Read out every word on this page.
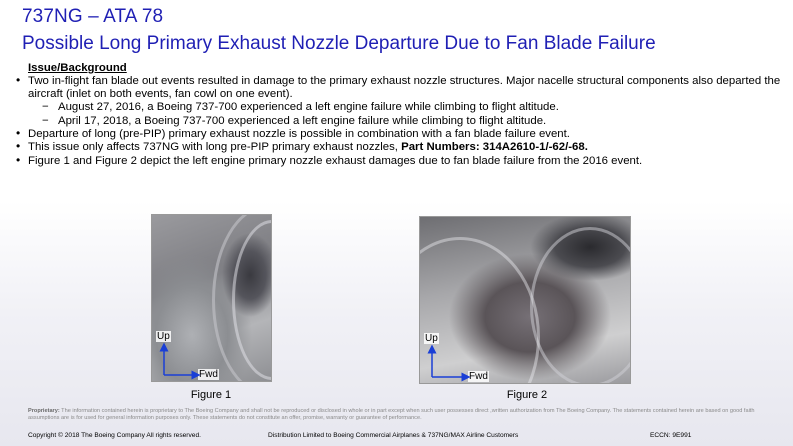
737NG – ATA 78
Possible Long Primary Exhaust Nozzle Departure Due to Fan Blade Failure
Issue/Background
• Two in-flight fan blade out events resulted in damage to the primary exhaust nozzle structures. Major nacelle structural components also departed the aircraft (inlet on both events, fan cowl on one event).
− August 27, 2016, a Boeing 737-700 experienced a left engine failure while climbing to flight altitude.
− April 17, 2018, a Boeing 737-700 experienced a left engine failure while climbing to flight altitude.
• Departure of long (pre-PIP) primary exhaust nozzle is possible in combination with a fan blade failure event.
• This issue only affects 737NG with long pre-PIP primary exhaust nozzles, Part Numbers: 314A2610-1/-62/-68.
• Figure 1 and Figure 2 depict the left engine primary nozzle exhaust damages due to fan blade failure from the 2016 event.
Up
Fwd
Figure 1
Up
Fwd
Figure 2
Proprietary: The information contained herein is proprietary to The Boeing Company and shall not be reproduced or disclosed in whole or in part except when such user possesses direct ,written authorization from The Boeing Company. The statements contained herein are based on good faith assumptions are is for used for general information purposes only. These statements do not constitute an offer, promise, warranty or guarantee of performance.
Copyright © 2018 The Boeing Company All rights reserved.	Distribution Limited to Boeing Commercial Airplanes & 737NG/MAX Airline Customers	ECCN: 9E991
